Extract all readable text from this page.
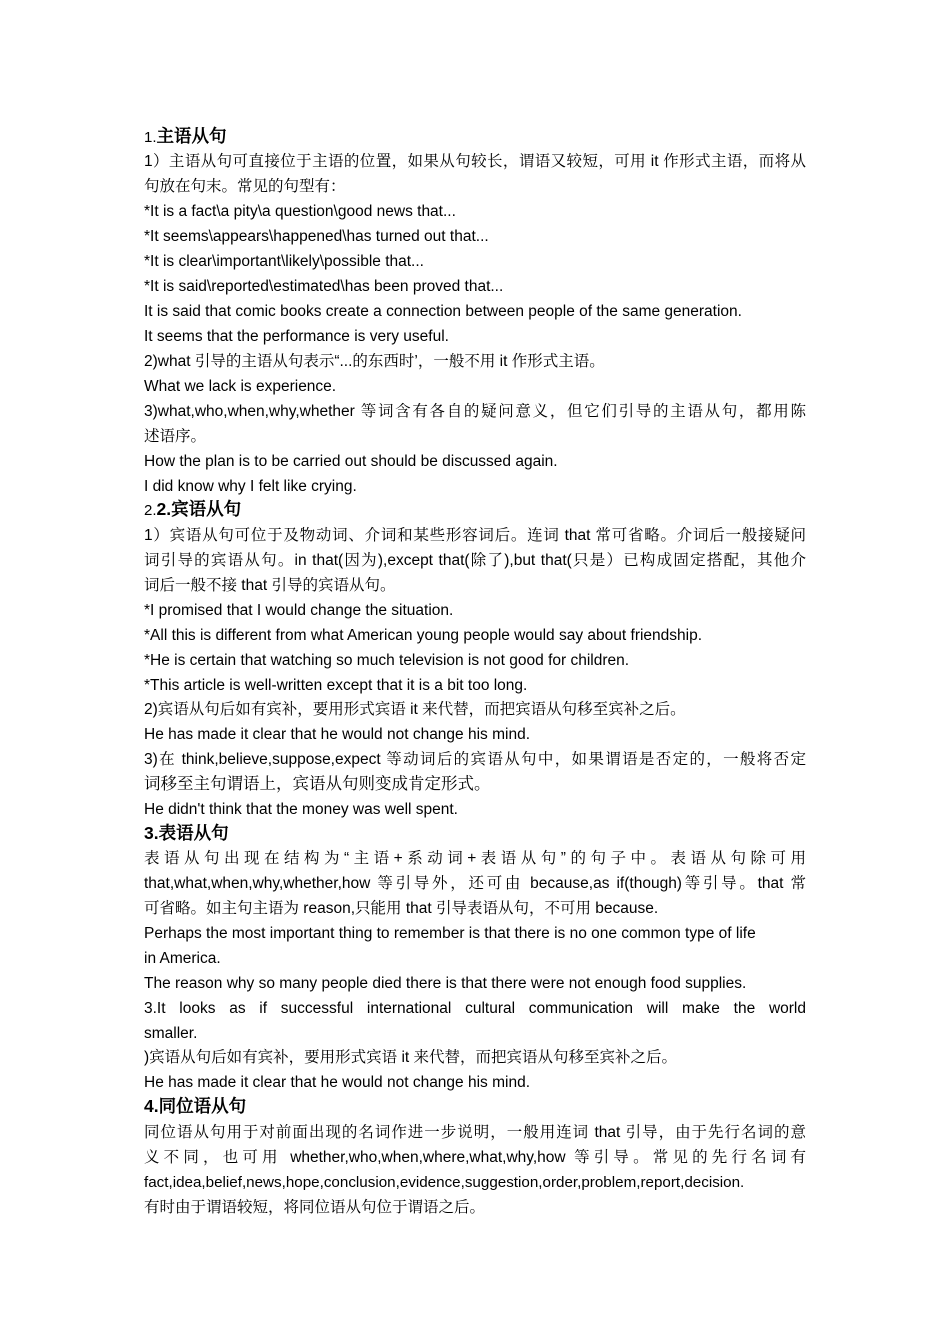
1.主语从句
1）主语从句可直接位于主语的位置，如果从句较长，谓语又较短，可用 it 作形式主语，而将从
句放在句末。常见的句型有：
*It is a fact\a pity\a question\good news that...
*It seems\appears\happened\has turned out that...
*It is clear\important\likely\possible that...
*It is said\reported\estimated\has been proved that...
It is said that comic books create a connection between people of the same generation.
It seems that the performance is very useful.
2)what 引导的主语从句表示“...的东西时’，一般不用 it 作形式主语。
What we lack is experience.
3)what,who,when,why,whether 等词含有各自的疑问意义，但它们引导的主语从句，都用陈
述语序。
How the plan is to be carried out should be discussed again.
I did know why I felt like crying.
2.2.宾语从句
1）宾语从句可位于及物动词、介词和某些形容词后。连词 that 常可省略。介词后一般接疑问
词引导的宾语从句。in that(因为),except that(除了),but that(只是）已构成固定搭配，其他介
词后一般不接 that 引导的宾语从句。
*I promised that I would change the situation.
*All this is different from what American young people would say about friendship.
*He is certain that watching so much television is not good for children.
*This article is well-written except that it is a bit too long.
2)宾语从句后如有宾补，要用形式宾语 it 来代替，而把宾语从句移至宾补之后。
He has made it clear that he would not change his mind.
3)在 think,believe,suppose,expect 等动词后的宾语从句中，如果谓语是否定的，一般将否定
词移至主句谓语上，宾语从句则变成肯定形式。
He didn't think that the money was well spent.
3.表语从句
表语从句出现在结构为“主语+系动词+表语从句”的句子中。表语从句除可用
that,what,when,why,whether,how 等引导外，还可由 because,as if(though)等引导。that 常
可省略。如主句主语为 reason,只能用 that 引导表语从句，不可用 because.
Perhaps the most important thing to remember is that there is no one common type of life
in America.
The reason why so many people died there is that there were not enough food supplies.
3.It looks as if successful international cultural communication will make the world
smaller.
)宾语从句后如有宾补，要用形式宾语 it 来代替，而把宾语从句移至宾补之后。
He has made it clear that he would not change his mind.
4.同位语从句
同位语从句用于对前面出现的名词作进一步说明，一般用连词 that 引导，由于先行名词的意
义不同，也可用 whether,who,when,where,what,why,how 等引导。常见的先行名词有
fact,idea,belief,news,hope,conclusion,evidence,suggestion,order,problem,report,decision.
有时由于谓语较短，将同位语从句位于谓语之后。
